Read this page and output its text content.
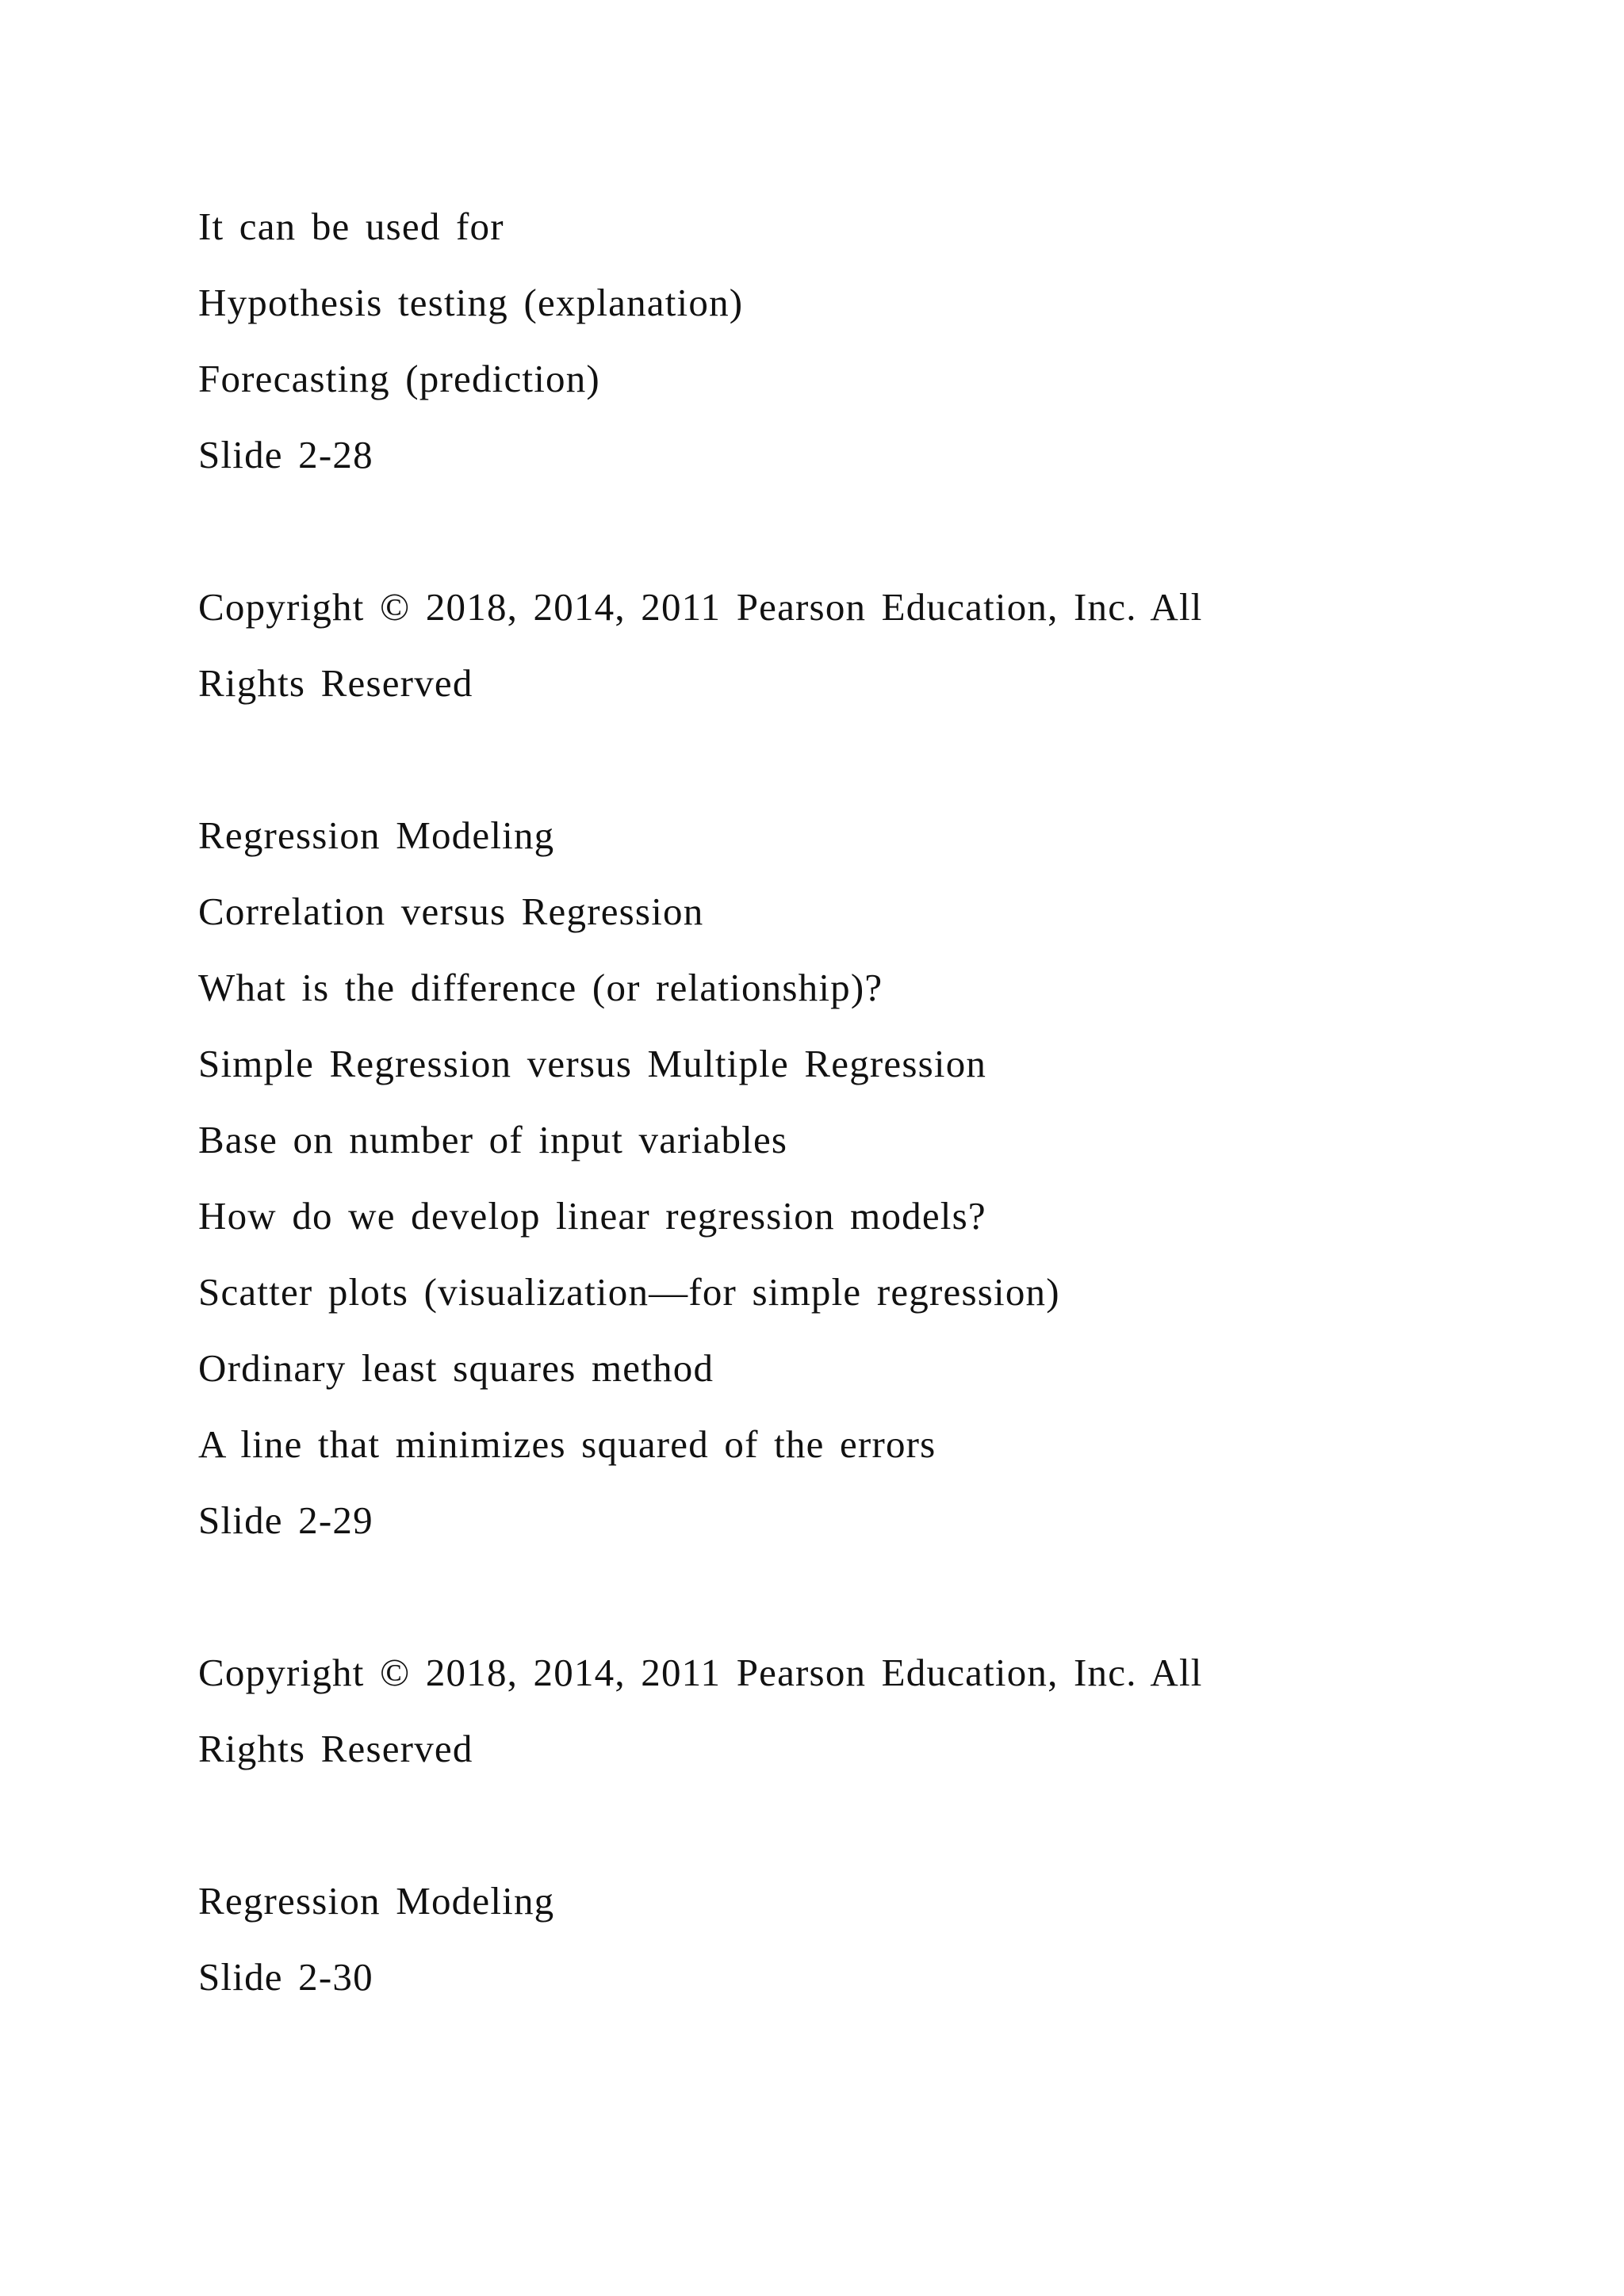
It can be used for
Hypothesis testing (explanation)
Forecasting (prediction)
Slide 2-28
Copyright © 2018, 2014, 2011 Pearson Education, Inc. All
Rights Reserved
Regression Modeling
Correlation versus Regression
What is the difference (or relationship)?
Simple Regression versus Multiple Regression
Base on number of input variables
How do we develop linear regression models?
Scatter plots (visualization—for simple regression)
Ordinary least squares method
A line that minimizes squared of the errors
Slide 2-29
Copyright © 2018, 2014, 2011 Pearson Education, Inc. All
Rights Reserved
Regression Modeling
Slide 2-30
